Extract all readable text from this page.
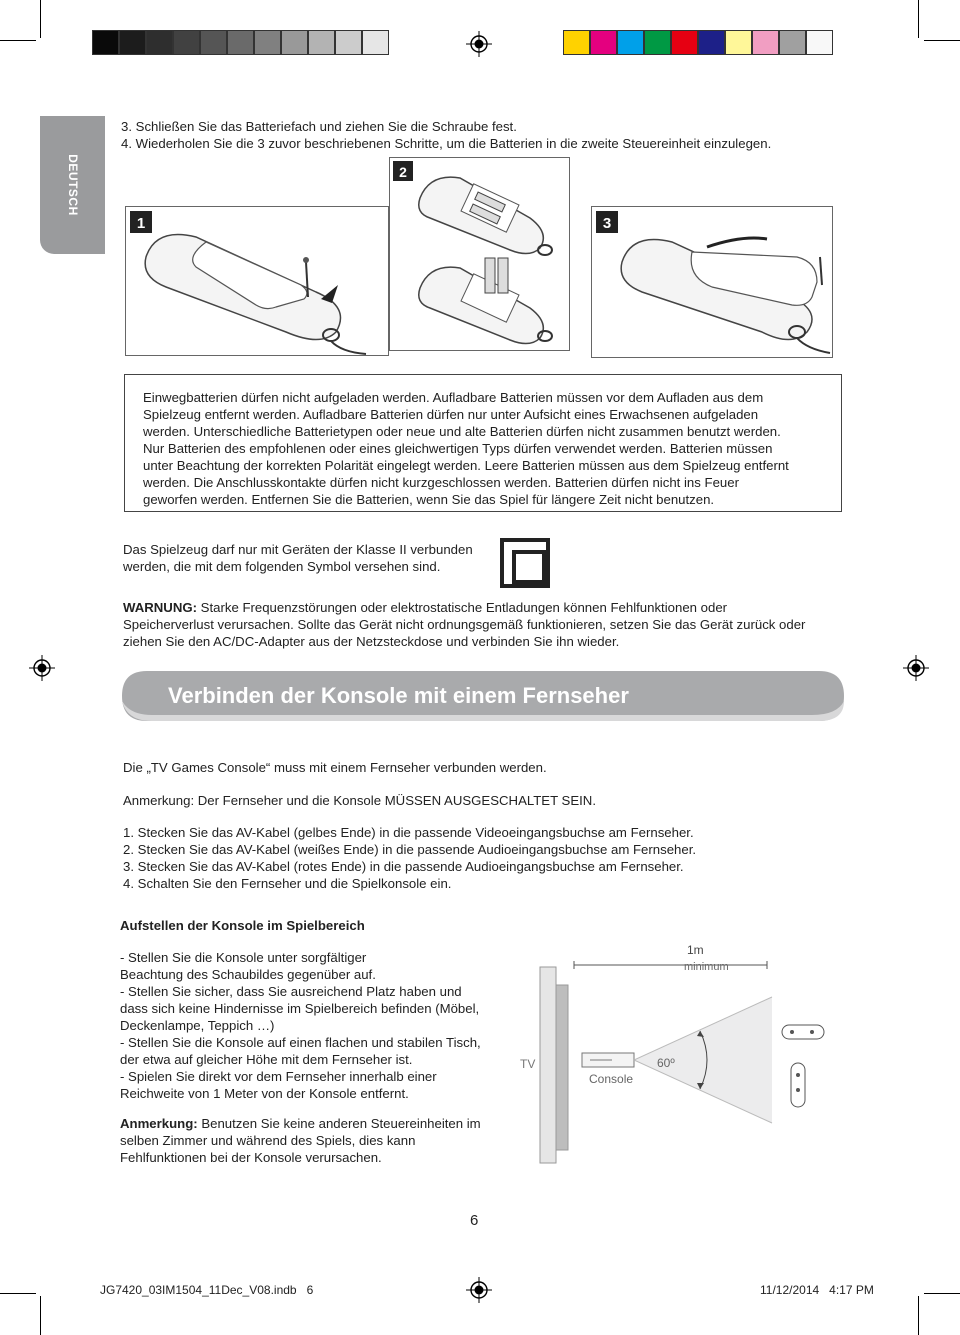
DEUTSCH
3. Schließen Sie das Batteriefach und ziehen Sie die Schraube fest.
4. Wiederholen Sie die 3 zuvor beschriebenen Schritte, um die Batterien in die zweite Steuereinheit einzulegen.
1
2
3
Einwegbatterien dürfen nicht aufgeladen werden. Aufladbare Batterien müssen vor dem Aufladen aus dem
Spielzeug entfernt werden. Aufladbare Batterien dürfen nur unter Aufsicht eines Erwachsenen aufgeladen
werden. Unterschiedliche Batterietypen oder neue und alte Batterien dürfen nicht zusammen benutzt werden.
Nur Batterien des empfohlenen oder eines gleichwertigen Typs dürfen verwendet werden. Batterien müssen
unter Beachtung der korrekten Polarität eingelegt werden. Leere Batterien müssen aus dem Spielzeug entfernt
werden. Die Anschlusskontakte dürfen nicht kurzgeschlossen werden. Batterien dürfen nicht ins Feuer
geworfen werden. Entfernen Sie die Batterien, wenn Sie das Spiel für längere Zeit nicht benutzen.
Das Spielzeug darf nur mit Geräten der Klasse II verbunden
werden, die mit dem folgenden Symbol versehen sind.
WARNUNG: Starke Frequenzstörungen oder elektrostatische Entladungen können Fehlfunktionen oder
Speicherverlust verursachen. Sollte das Gerät nicht ordnungsgemäß funktionieren, setzen Sie das Gerät zurück oder
ziehen Sie den AC/DC-Adapter aus der Netzsteckdose und verbinden Sie ihn wieder.
Verbinden der Konsole mit einem Fernseher
Die „TV Games Console“ muss mit einem Fernseher verbunden werden.
Anmerkung: Der Fernseher und die Konsole MÜSSEN AUSGESCHALTET SEIN.
1. Stecken Sie das AV-Kabel (gelbes Ende) in die passende Videoeingangsbuchse am Fernseher.
2. Stecken Sie das AV-Kabel (weißes Ende) in die passende Audioeingangsbuchse am Fernseher.
3. Stecken Sie das AV-Kabel (rotes Ende) in die passende Audioeingangsbuchse am Fernseher.
4. Schalten Sie den Fernseher und die Spielkonsole ein.
Aufstellen der Konsole im Spielbereich
- Stellen Sie die Konsole unter sorgfältiger
Beachtung des Schaubildes gegenüber auf.
- Stellen Sie sicher, dass Sie ausreichend Platz haben und
dass sich keine Hindernisse im Spielbereich befinden (Möbel,
Deckenlampe, Teppich …)
- Stellen Sie die Konsole auf einen flachen und stabilen Tisch,
der etwa auf gleicher Höhe mit dem Fernseher ist.
- Spielen Sie direkt vor dem Fernseher innerhalb einer
Reichweite von 1 Meter von der Konsole entfernt.
Anmerkung: Benutzen Sie keine anderen Steuereinheiten im
selben Zimmer und während des Spiels, dies kann
Fehlfunktionen bei der Konsole verursachen.
TV
Console
60º
1m
minimum
6
JG7420_03IM1504_11Dec_V08.indb   6	11/12/2014   4:17 PM
